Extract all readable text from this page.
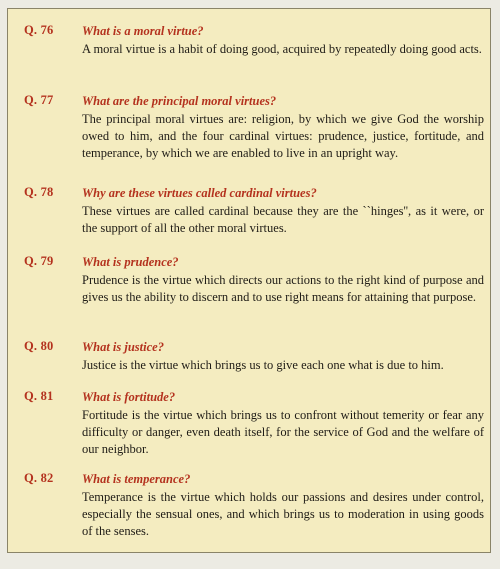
Q. 76 What is a moral virtue?
A moral virtue is a habit of doing good, acquired by repeatedly doing good acts.
Q. 77 What are the principal moral virtues?
The principal moral virtues are: religion, by which we give God the worship owed to him, and the four cardinal virtues: prudence, justice, fortitude, and temperance, by which we are enabled to live in an upright way.
Q. 78 Why are these virtues called cardinal virtues?
These virtues are called cardinal because they are the ``hinges'', as it were, or the support of all the other moral virtues.
Q. 79 What is prudence?
Prudence is the virtue which directs our actions to the right kind of purpose and gives us the ability to discern and to use right means for attaining that purpose.
Q. 80 What is justice?
Justice is the virtue which brings us to give each one what is due to him.
Q. 81 What is fortitude?
Fortitude is the virtue which brings us to confront without temerity or fear any difficulty or danger, even death itself, for the service of God and the welfare of our neighbor.
Q. 82 What is temperance?
Temperance is the virtue which holds our passions and desires under control, especially the sensual ones, and which brings us to moderation in using goods of the senses.
